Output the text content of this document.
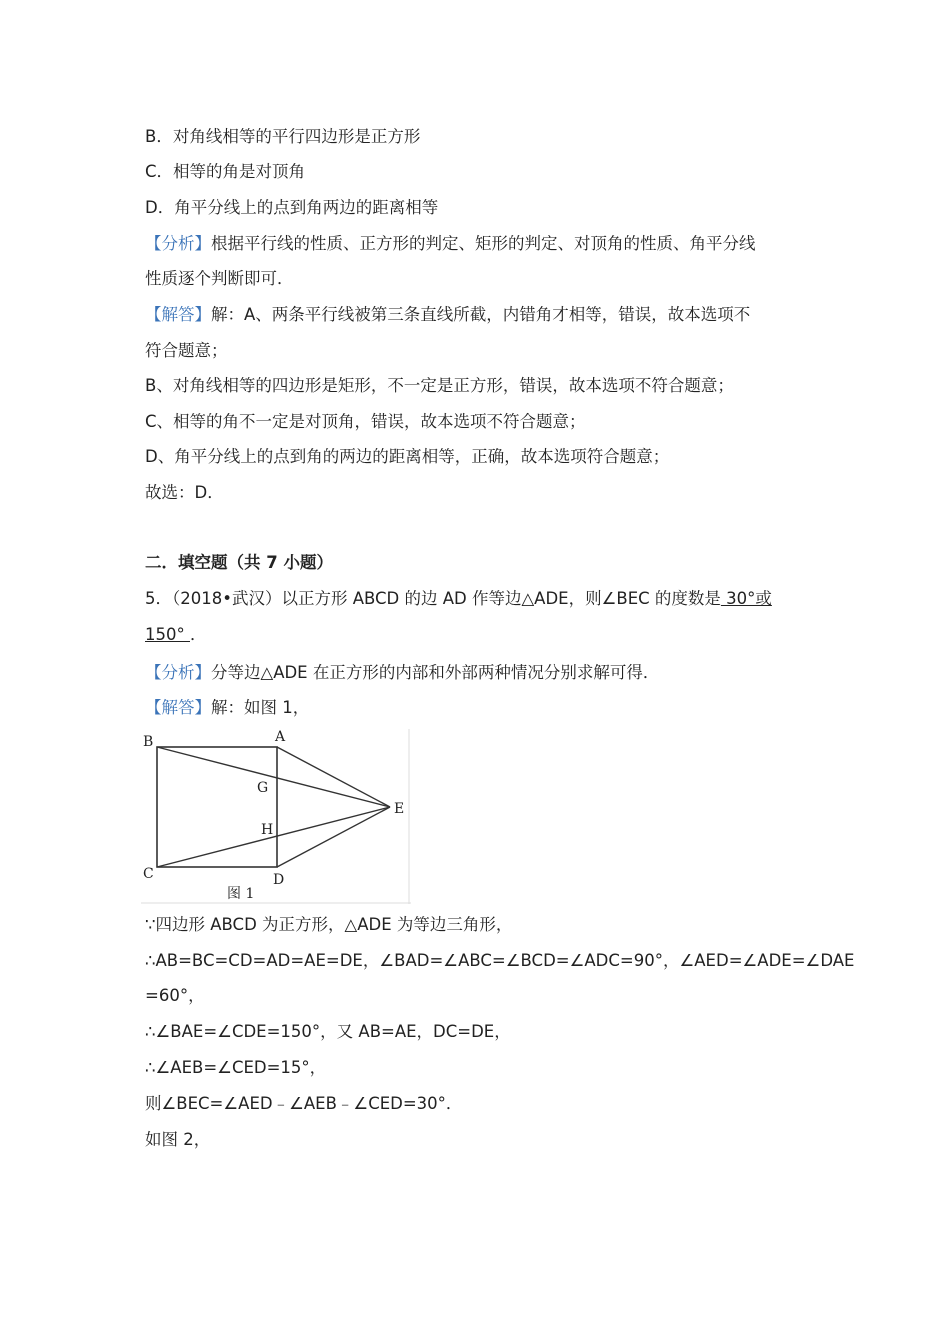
B．对角线相等的平行四边形是正方形
C．相等的角是对顶角
D．角平分线上的点到角两边的距离相等
【分析】根据平行线的性质、正方形的判定、矩形的判定、对顶角的性质、角平分线
性质逐个判断即可．
【解答】解：A、两条平行线被第三条直线所截，内错角才相等，错误，故本选项不
符合题意；
B、对角线相等的四边形是矩形，不一定是正方形，错误，故本选项不符合题意；
C、相等的角不一定是对顶角，错误，故本选项不符合题意；
D、角平分线上的点到角的两边的距离相等，正确，故本选项符合题意；
故选：D．
二．填空题（共 7 小题）
5．（2018•武汉）以正方形 ABCD 的边 AD 作等边△ADE，则∠BEC 的度数是 30°或
150° ．
【分析】分等边△ADE 在正方形的内部和外部两种情况分别求解可得．
【解答】解：如图 1，
B	A
G
E
H
C	D
图 1
∵四边形 ABCD 为正方形，△ADE 为等边三角形，
∴AB=BC=CD=AD=AE=DE，∠BAD=∠ABC=∠BCD=∠ADC=90°，∠AED=∠ADE=∠DAE
=60°，
∴∠BAE=∠CDE=150°，又 AB=AE，DC=DE，
∴∠AEB=∠CED=15°，
则∠BEC=∠AED﹣∠AEB﹣∠CED=30°．
如图 2，
